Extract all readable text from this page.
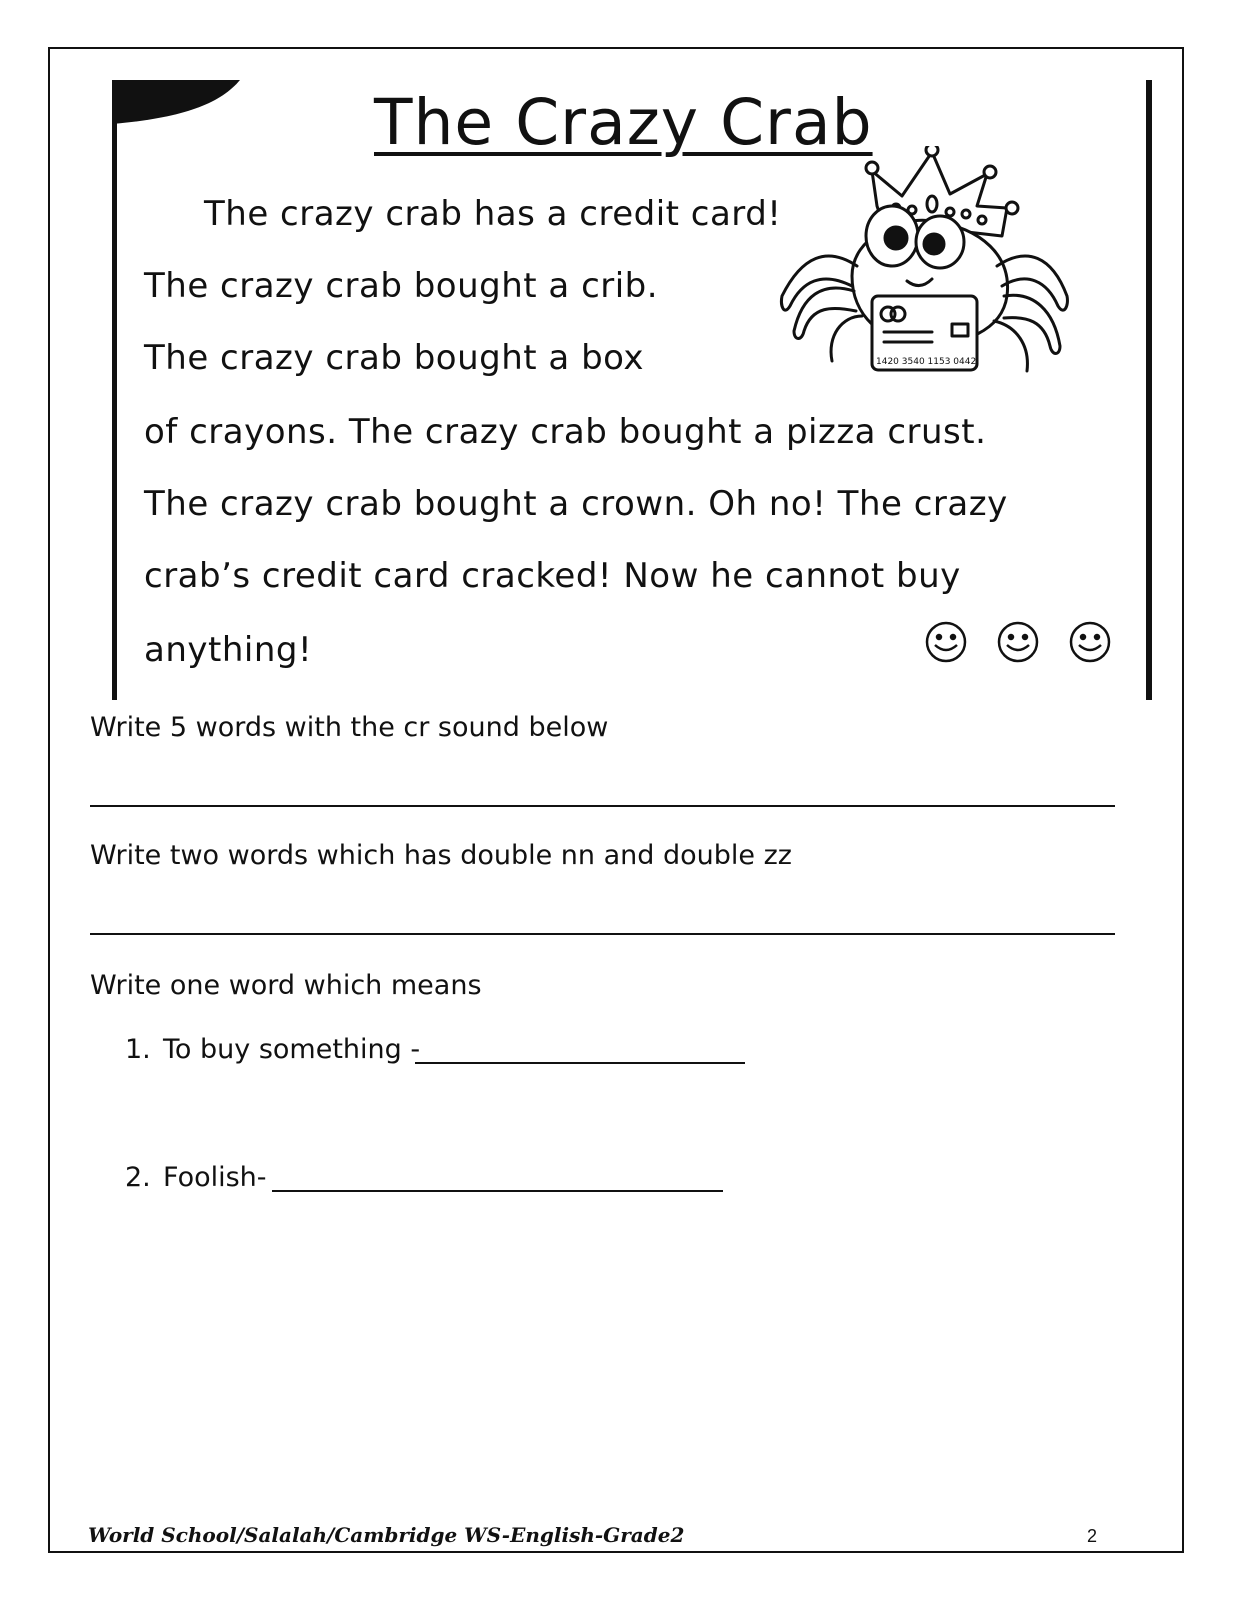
The Crazy Crab
The crazy crab has a credit card!
The crazy crab bought a crib.
The crazy crab bought a box
of crayons. The crazy crab bought a pizza crust.
The crazy crab bought a crown. Oh no! The crazy
crab’s credit card cracked! Now he cannot buy
anything!
1420 3540 1153 0442
Write 5 words with the cr sound below
Write two words which has double nn and double zz
Write one word which means
1. To buy something -
2. Foolish-
World School/Salalah/Cambridge WS-English-Grade2	2
